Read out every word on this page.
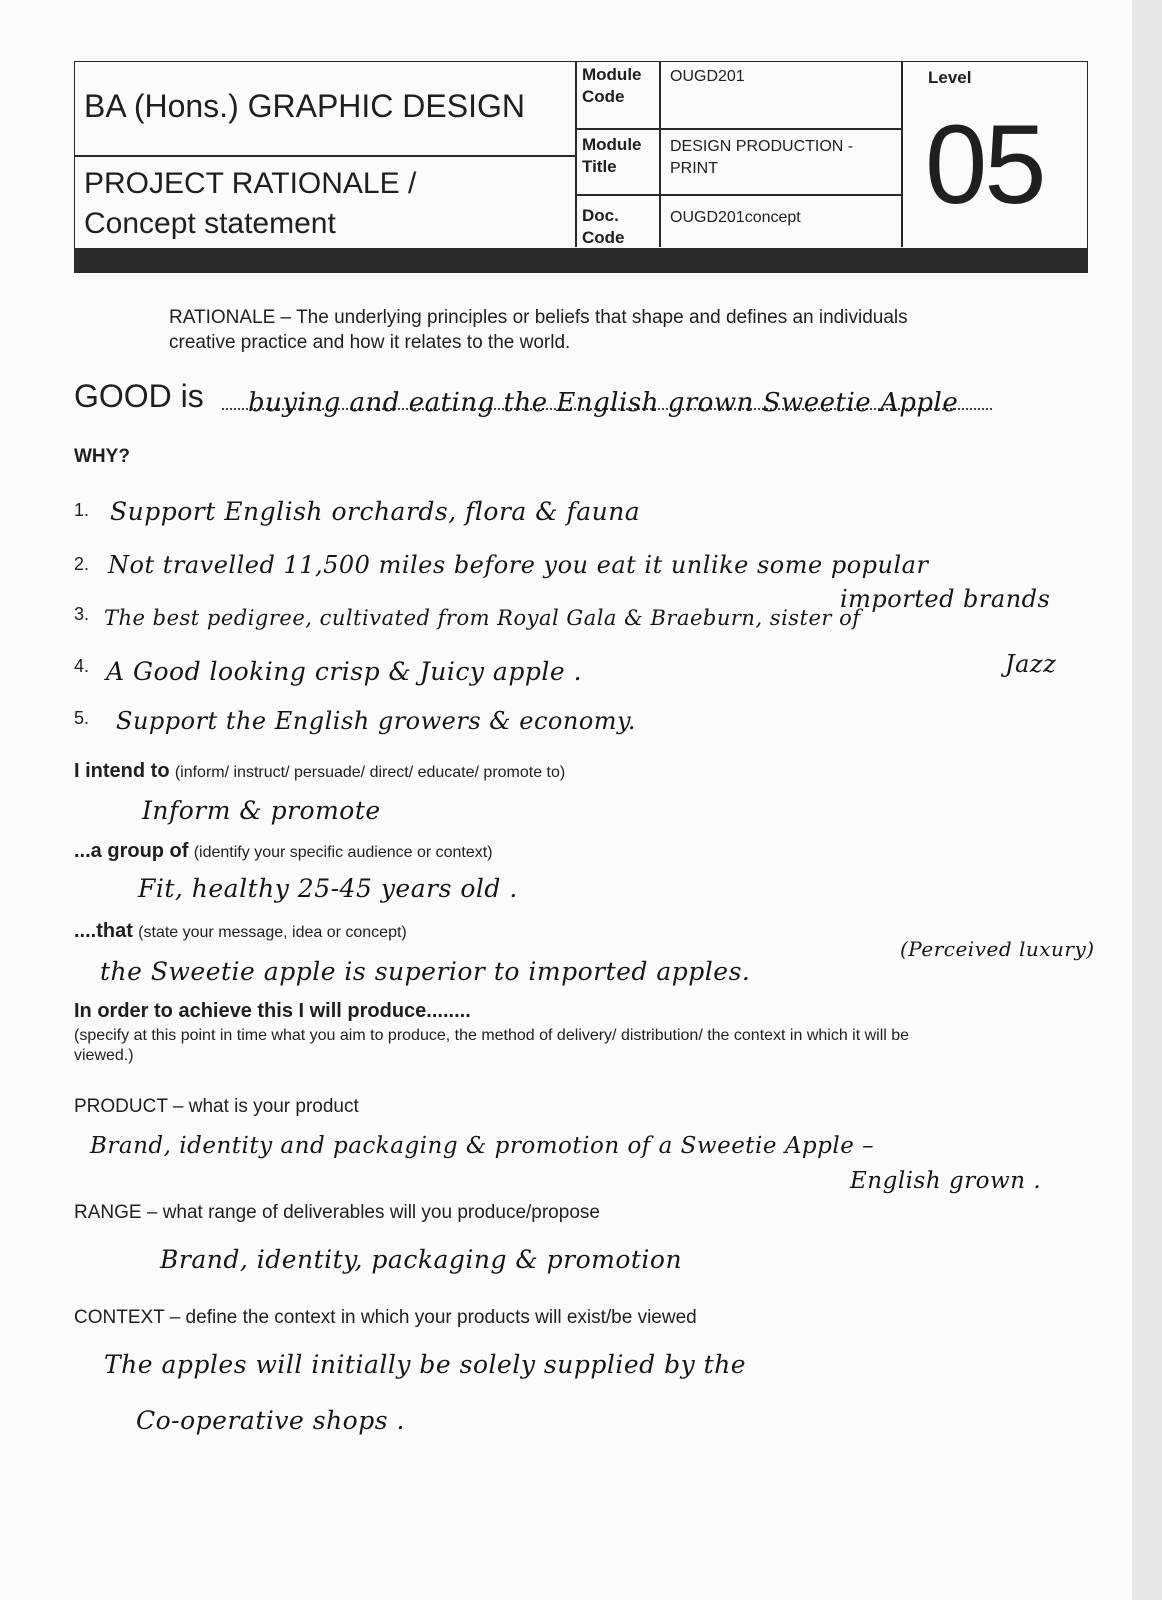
BA (Hons.) GRAPHIC DESIGN
PROJECT RATIONALE /
Concept statement
Module
Code
OUGD201
Module
Title
DESIGN PRODUCTION -
PRINT
Doc.
Code
OUGD201concept
Level
05
RATIONALE – The underlying principles or beliefs that shape and defines an individuals creative practice and how it relates to the world.
GOOD is buying and eating the English grown Sweetie Apple
WHY?
1. Support English orchards, flora & fauna
2. Not travelled 11,500 miles before you eat it unlike some popular
imported brands
3. The best pedigree, cultivated from Royal Gala & Braeburn, sister of
Jazz
4. A Good looking crisp & Juicy apple .
5. Support the English growers & economy.
I intend to (inform/ instruct/ persuade/ direct/ educate/ promote to)
Inform & promote
...a group of (identify your specific audience or context)
Fit, healthy 25-45 years old .
....that (state your message, idea or concept)
the Sweetie apple is superior to imported apples.
(Perceived luxury)
In order to achieve this I will produce........
(specify at this point in time what you aim to produce, the method of delivery/ distribution/ the context in which it will be viewed.)
PRODUCT – what is your product
Brand, identity and packaging & promotion of a Sweetie Apple –
English grown .
RANGE – what range of deliverables will you produce/propose
Brand, identity, packaging & promotion
CONTEXT – define the context in which your products will exist/be viewed
The apples will initially be solely supplied by the
Co-operative shops .
